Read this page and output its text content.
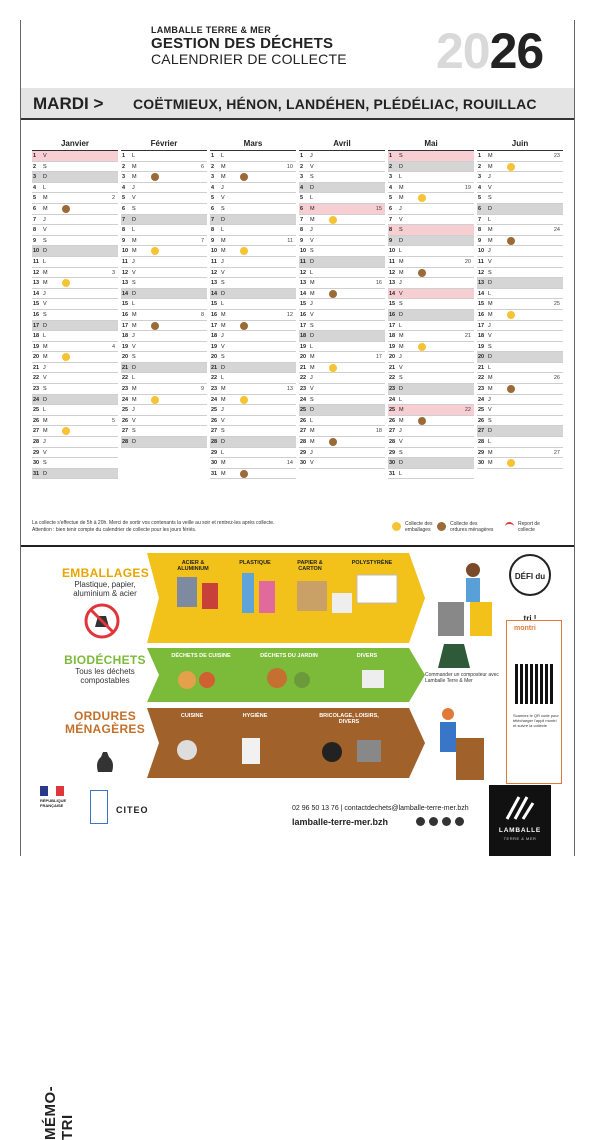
LAMBALLE TERRE & MER
GESTION DES DÉCHETS
CALENDRIER DE COLLECTE 2026
MARDI > COËTMIEUX, HÉNON, LANDÉHEN, PLÉDÉLIAC, ROUILLAC
Janvier
1 V
2 S
3 D
4 L
5 M	2
6 M
7 J
8 V
9 S
10 D
11 L
12 M	3
13 M
14 J
15 V
16 S
17 D
18 L
19 M	4
20 M
21 J
22 V
23 S
24 D
25 L
26 M	5
27 M
28 J
29 V
30 S
31 D
Février
1 L
2 M	6
3 M
4 J
5 V
6 S
7 D
8 L
9 M	7
10 M
11 J
12 V
13 S
14 D
15 L
16 M	8
17 M
18 J
19 V
20 S
21 D
22 L
23 M	9
24 M
25 J
26 V
27 S
28 D
Mars
1 L
2 M	10
3 M
4 J
5 V
6 S
7 D
8 L
9 M	11
10 M
11 J
12 V
13 S
14 D
15 L
16 M	12
17 M
18 J
19 V
20 S
21 D
22 L
23 M	13
24 M
25 J
26 V
27 S
28 D
29 L
30 M	14
31 M
Avril
1 J
2 V
3 S
4 D
5 L
6 M	15
7 M
8 J
9 V
10 S
11 D
12 L
13 M	16
14 M
15 J
16 V
17 S
18 D
19 L
20 M	17
21 M
22 J
23 V
24 S
25 D
26 L
27 M	18
28 M
29 J
30 V
Mai
1 S
2 D
3 L
4 M	19
5 M
6 J
7 V
8 S
9 D
10 L
11 M	20
12 M
13 J
14 V
15 S
16 D
17 L
18 M	21
19 M
20 J
21 V
22 S
23 D
24 L
25 M	22
26 M
27 J
28 V
29 S
30 D
31 L
Juin
1 M	23
2 M
3 J
4 V
5 S
6 D
7 L
8 M	24
9 M
10 J
11 V
12 S
13 D
14 L
15 M	25
16 M
17 J
18 V
19 S
20 D
21 L
22 M	26
23 M
24 J
25 V
26 S
27 D
28 L
29 M	27
30 M
La collecte s'effectue de 5h à 20h. Merci de sortir vos contenants la veille au soir et rentrez-les après collecte.
Attention : bien tenir compte du calendrier de collecte pour les jours fériés.
Collecte des emballages
Collecte des ordures ménagères
Report de collecte
MÉMO-TRI
EMBALLAGES
Plastique, papier, aluminium & acier
BIODÉCHETS
Tous les déchets compostables
ORDURES MÉNAGÈRES
ACIER & ALUMINIUM
PLASTIQUE	PAPIER & CARTON
POLYSTYRÈNE
DÉCHETS DE CUISINE	DÉCHETS DU JARDIN	DIVERS
CUISINE	HYGIÈNE	BRICOLAGE, LOISIRS, DIVERS
DÉFI du tri !
Commander un composteur avec Lamballe Terre & Mer
montri
Scannez le QR code pour télécharger l'appli montri et suivre la collecte
RÉPUBLIQUE FRANÇAISE	CITEO	02 96 50 13 76 | contactdechets@lamballe-terre-mer.bzh
lamballe-terre-mer.bzh
LAMBALLE
TERRE & MER
